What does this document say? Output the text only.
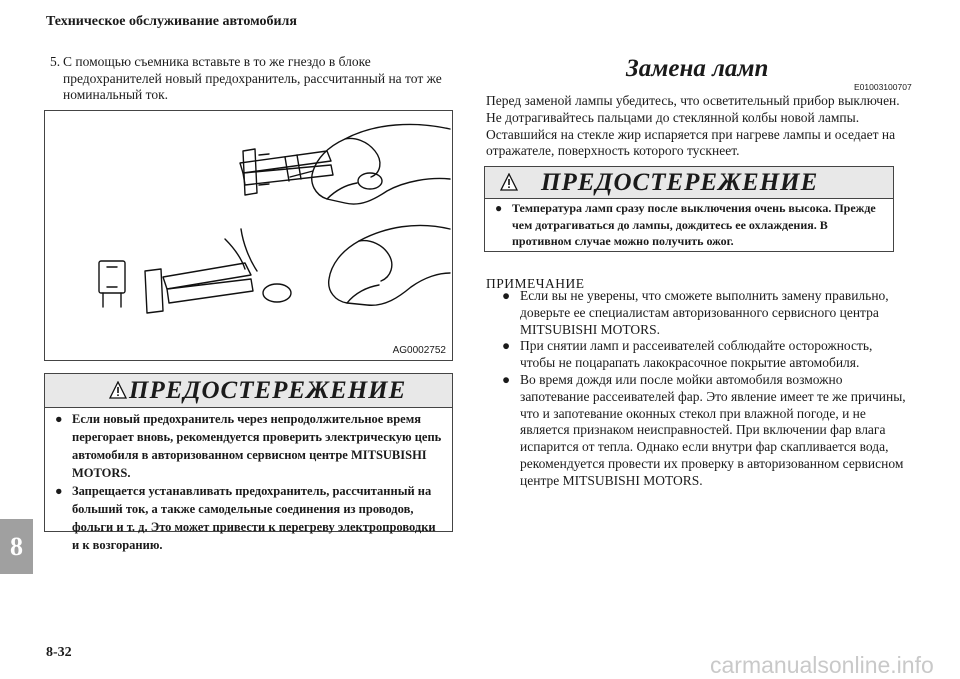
Техническое обслуживание автомобиля
5. С помощью съемника вставьте в то же гнездо в блоке предохранителей новый предохранитель, рассчитанный на тот же номинальный ток.
AG0002752
ПРЕДОСТЕРЕЖЕНИЕ
● Если новый предохранитель через непродолжительное время перегорает вновь, рекомендуется проверить электрическую цепь автомобиля в авторизованном сервисном центре MITSUBISHI MOTORS.
● Запрещается устанавливать предохранитель, рассчитанный на больший ток, а также самодельные соединения из проводов, фольги и т. д. Это может привести к перегреву электропроводки и к возгоранию.
Замена ламп
E01003100707
Перед заменой лампы убедитесь, что осветительный прибор выключен. Не дотрагивайтесь пальцами до стеклянной колбы новой лампы. Оставшийся на стекле жир испаряется при нагреве лампы и оседает на отражателе, поверхность которого тускнеет.
ПРЕДОСТЕРЕЖЕНИЕ
● Температура ламп сразу после выключения очень высока. Прежде чем дотрагиваться до лампы, дождитесь ее охлаждения. В противном случае можно получить ожог.
ПРИМЕЧАНИЕ
● Если вы не уверены, что сможете выполнить замену правильно, доверьте ее специалистам авторизованного сервисного центра MITSUBISHI MOTORS.
● При снятии ламп и рассеивателей соблюдайте осторожность, чтобы не поцарапать лакокрасочное покрытие автомобиля.
● Во время дождя или после мойки автомобиля возможно запотевание рассеивателей фар. Это явление имеет те же причины, что и запотевание оконных стекол при влажной погоде, и не является признаком неисправностей. При включении фар влага испарится от тепла. Однако если внутри фар скапливается вода, рекомендуется провести их проверку в авторизованном сервисном центре MITSUBISHI MOTORS.
8
8-32	carmanualsonline.info
